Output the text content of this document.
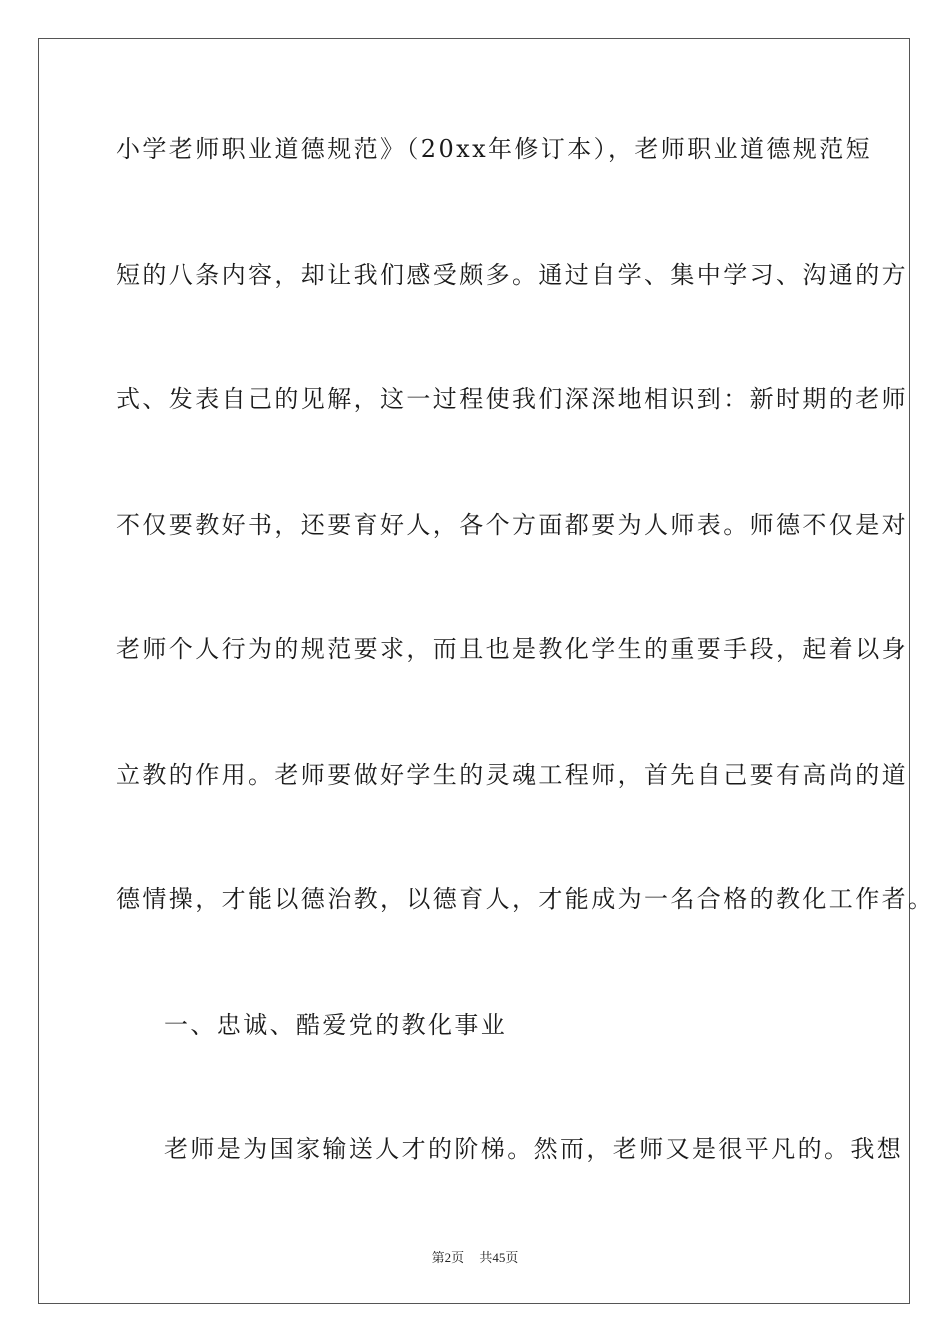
小学老师职业道德规范》（20xx年修订本），老师职业道德规范短
短的八条内容，却让我们感受颇多。通过自学、集中学习、沟通的方
式、发表自己的见解，这一过程使我们深深地相识到：新时期的老师
不仅要教好书，还要育好人，各个方面都要为人师表。师德不仅是对
老师个人行为的规范要求，而且也是教化学生的重要手段，起着以身
立教的作用。老师要做好学生的灵魂工程师，首先自己要有高尚的道
德情操，才能以德治教，以德育人，才能成为一名合格的教化工作者。
一、忠诚、酷爱党的教化事业
老师是为国家输送人才的阶梯。然而，老师又是很平凡的。我想
第2页 共45页
